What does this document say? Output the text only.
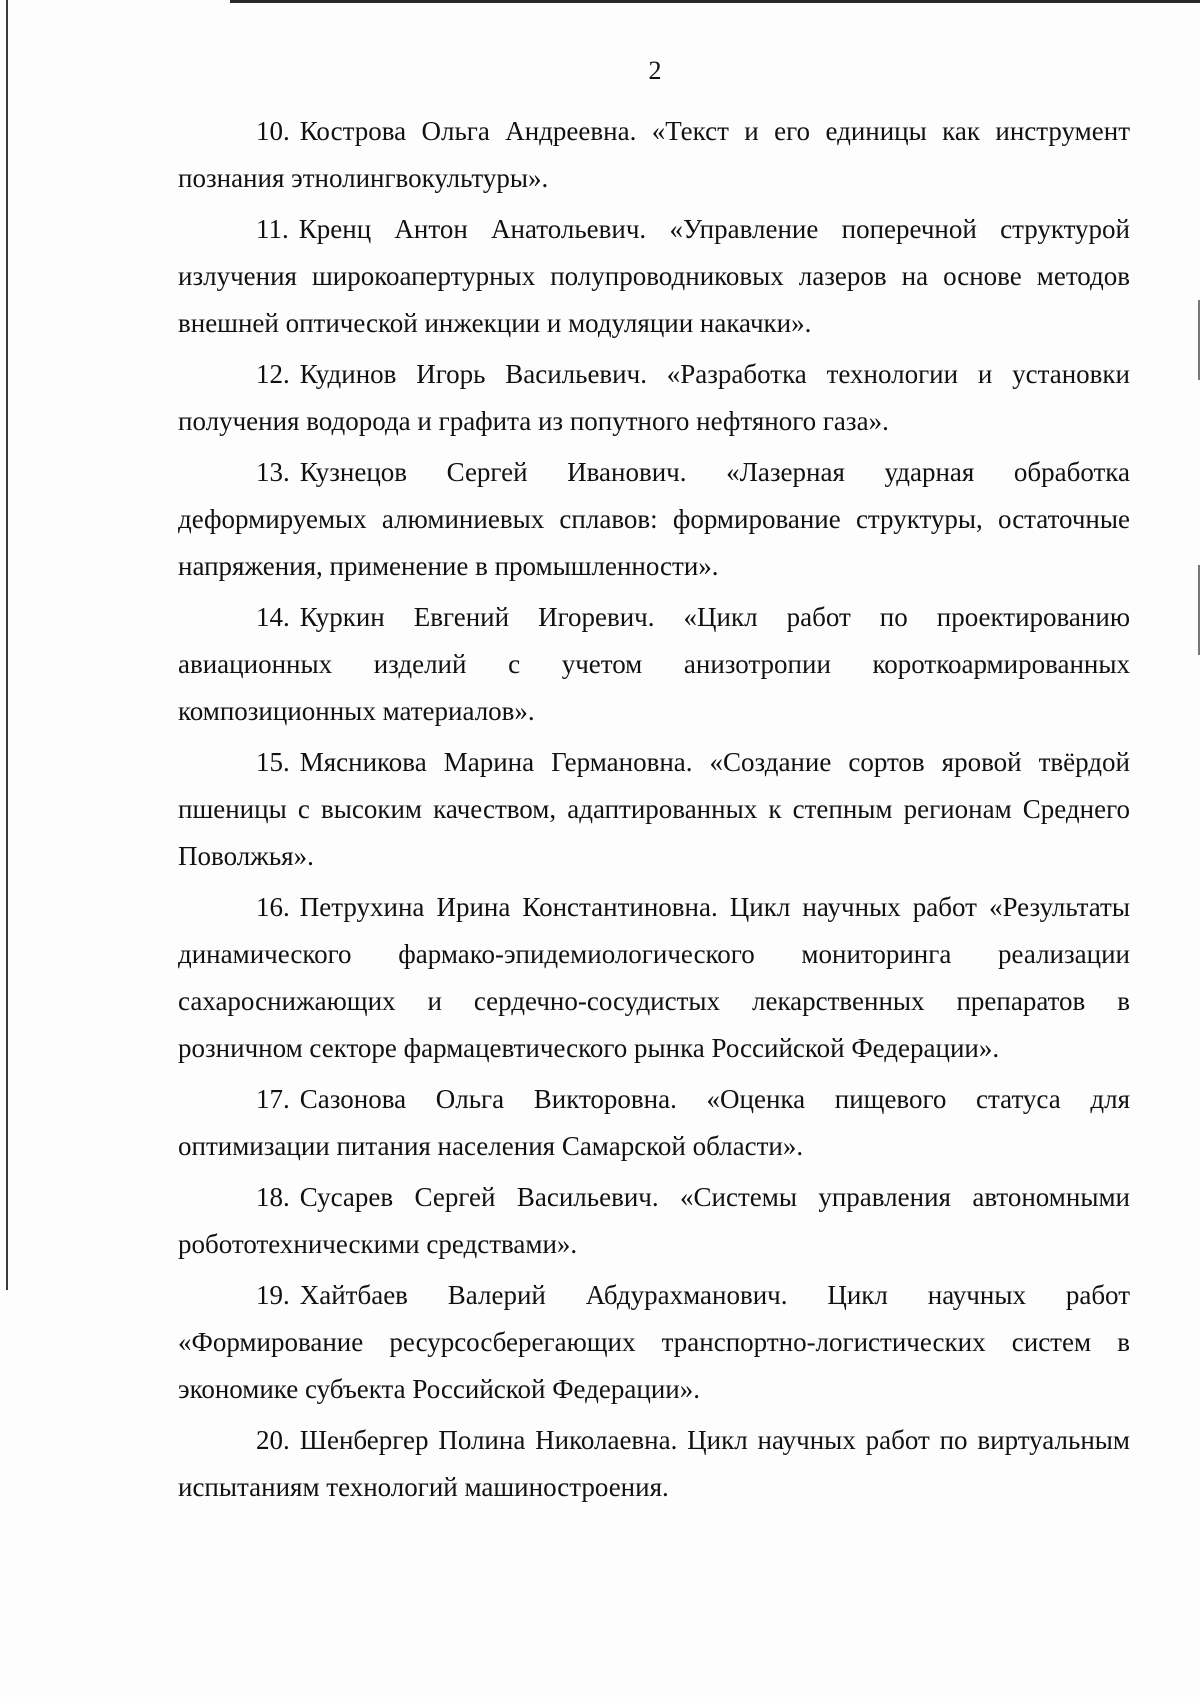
2

10. Кострова Ольга Андреевна. «Текст и его единицы как инструмент познания этнолингвокультуры».

11. Кренц Антон Анатольевич. «Управление поперечной структурой излучения широкоапертурных полупроводниковых лазеров на основе методов внешней оптической инжекции и модуляции накачки».

12. Кудинов Игорь Васильевич. «Разработка технологии и установки получения водорода и графита из попутного нефтяного газа».

13. Кузнецов Сергей Иванович. «Лазерная ударная обработка деформируемых алюминиевых сплавов: формирование структуры, остаточные напряжения, применение в промышленности».

14. Куркин Евгений Игоревич. «Цикл работ по проектированию авиационных изделий с учетом анизотропии короткоармированных композиционных материалов».

15. Мясникова Марина Германовна. «Создание сортов яровой твёрдой пшеницы с высоким качеством, адаптированных к степным регионам Среднего Поволжья».

16. Петрухина Ирина Константиновна. Цикл научных работ «Результаты динамического фармако-эпидемиологического мониторинга реализации сахароснижающих и сердечно-сосудистых лекарственных препаратов в розничном секторе фармацевтического рынка Российской Федерации».

17. Сазонова Ольга Викторовна. «Оценка пищевого статуса для оптимизации питания населения Самарской области».

18. Сусарев Сергей Васильевич. «Системы управления автономными робототехническими средствами».

19. Хайтбаев Валерий Абдурахманович. Цикл научных работ «Формирование ресурсосберегающих транспортно-логистических систем в экономике субъекта Российской Федерации».

20. Шенбергер Полина Николаевна. Цикл научных работ по виртуальным испытаниям технологий машиностроения.
